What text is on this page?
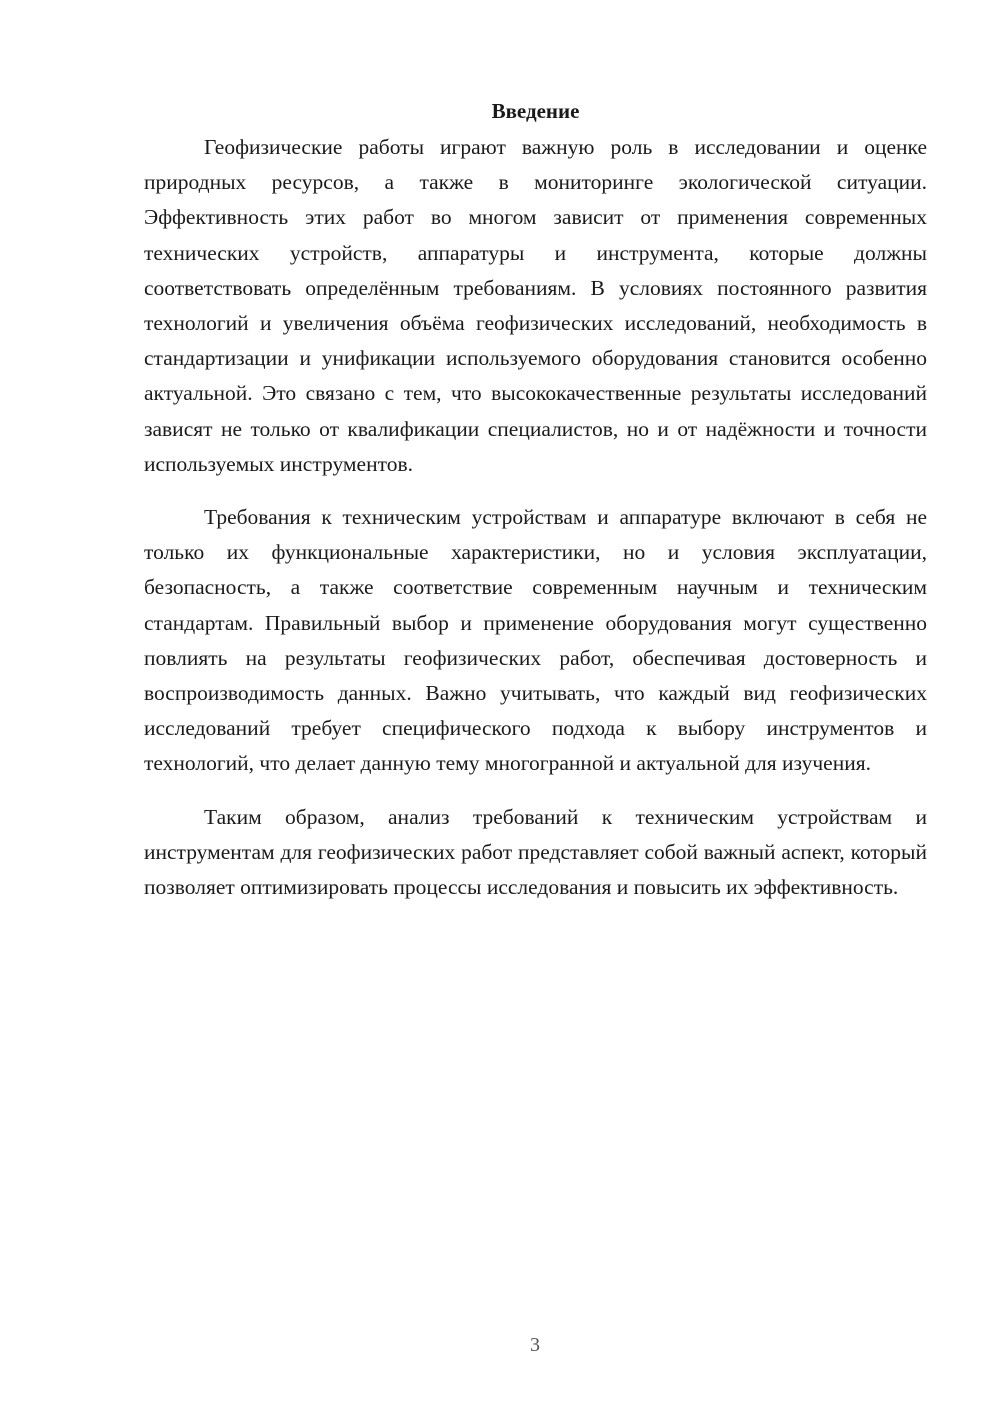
Введение

Геофизические работы играют важную роль в исследовании и оценке природных ресурсов, а также в мониторинге экологической ситуации. Эффективность этих работ во многом зависит от применения современных технических устройств, аппаратуры и инструмента, которые должны соответствовать определённым требованиям. В условиях постоянного развития технологий и увеличения объёма геофизических исследований, необходимость в стандартизации и унификации используемого оборудования становится особенно актуальной. Это связано с тем, что высококачественные результаты исследований зависят не только от квалификации специалистов, но и от надёжности и точности используемых инструментов.

Требования к техническим устройствам и аппаратуре включают в себя не только их функциональные характеристики, но и условия эксплуатации, безопасность, а также соответствие современным научным и техническим стандартам. Правильный выбор и применение оборудования могут существенно повлиять на результаты геофизических работ, обеспечивая достоверность и воспроизводимость данных. Важно учитывать, что каждый вид геофизических исследований требует специфического подхода к выбору инструментов и технологий, что делает данную тему многогранной и актуальной для изучения.

Таким образом, анализ требований к техническим устройствам и инструментам для геофизических работ представляет собой важный аспект, который позволяет оптимизировать процессы исследования и повысить их эффективность.

3
